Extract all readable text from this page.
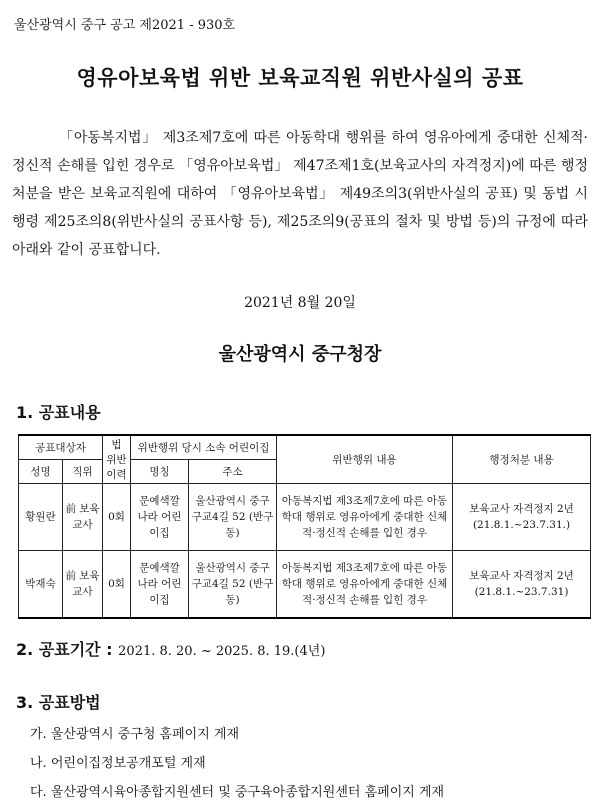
울산광역시 중구 공고 제2021 - 930호
영유아보육법 위반 보육교직원 위반사실의 공표
「아동복지법」 제3조제7호에 따른 아동학대 행위를 하여 영유아에게 중대한 신체적·정신적 손해를 입힌 경우로 「영유아보육법」 제47조제1호(보육교사의 자격정지)에 따른 행정처분을 받은 보육교직원에 대하여 「영유아보육법」 제49조의3(위반사실의 공표) 및 동법 시행령 제25조의8(위반사실의 공표사항 등), 제25조의9(공표의 절차 및 방법 등)의 규정에 따라 아래와 같이 공표합니다.
2021년 8월 20일
울산광역시 중구청장
1. 공표내용
공표대상자		법 위반 이력	위반행위 당시 소속 어린이집		위반행위 내용	행정처분 내용
성명	직위		명칭	주소		
황원란	前 보육 교사	0회	문예색깔 나라 어린이집	울산광역시 중구 구교4길 52 (반구동)	아동복지법 제3조제7호에 따른 아동학대 행위로 영유아에게 중대한 신체적·정신적 손해를 입힌 경우	보육교사 자격정지 2년 (21.8.1.~23.7.31.)
박재숙	前 보육 교사	0회	문예색깔 나라 어린이집	울산광역시 중구 구교4길 52 (반구동)	아동복지법 제3조제7호에 따른 아동학대 행위로 영유아에게 중대한 신체적·정신적 손해를 입힌 경우	보육교사 자격정지 2년 (21.8.1.~23.7.31)
2. 공표기간 : 2021. 8. 20. ~ 2025. 8. 19.(4년)
3. 공표방법
가. 울산광역시 중구청 홈페이지 게재
나. 어린이집정보공개포털 게재
다. 울산광역시육아종합지원센터 및 중구육아종합지원센터 홈페이지 게재
